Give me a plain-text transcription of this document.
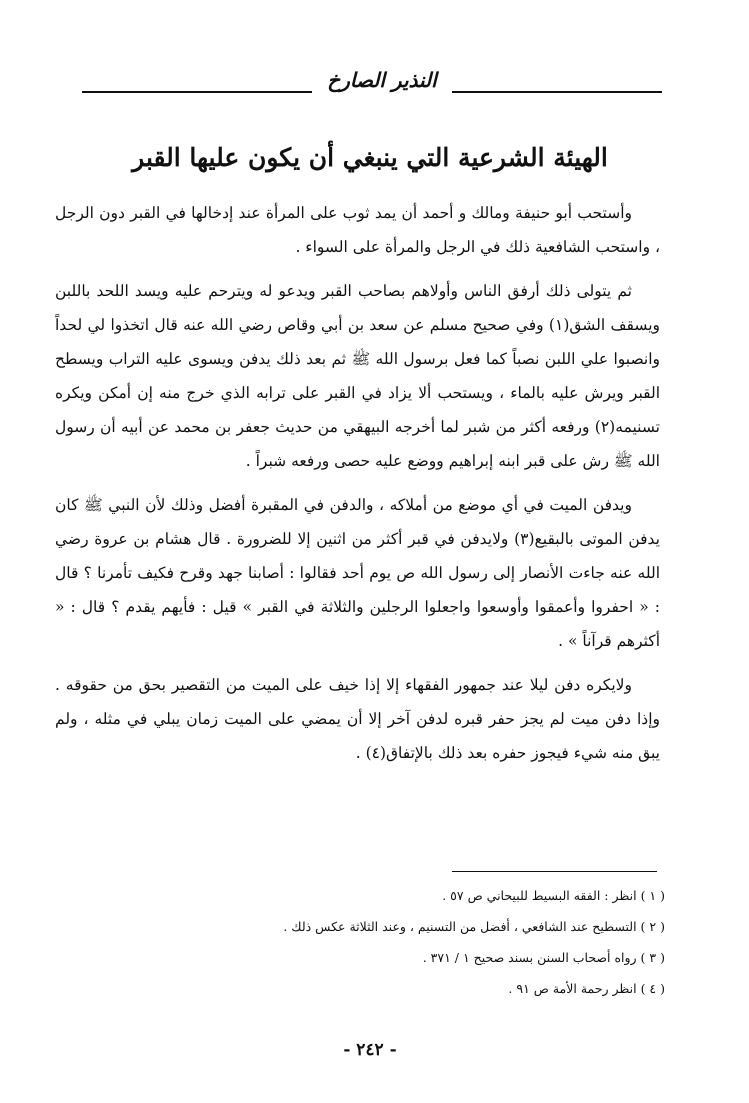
النذير الصارخ
الهيئة الشرعية التي ينبغي أن يكون عليها القبر

وأستحب أبو حنيفة ومالك و أحمد أن يمد ثوب على المرأة عند إدخالها في القبر دون الرجل ، واستحب الشافعية ذلك في الرجل والمرأة على السواء .

ثم يتولى ذلك أرفق الناس وأولاهم بصاحب القبر ويدعو له ويترحم عليه ويسد اللحد باللبن ويسقف الشق(١) وفي صحيح مسلم عن سعد بن أبي وقاص رضي الله عنه قال اتخذوا لي لحداً وانصبوا علي اللبن نصباً كما فعل برسول الله ﷺ ثم بعد ذلك يدفن ويسوى عليه التراب ويسطح القبر ويرش عليه بالماء ، ويستحب ألا يزاد في القبر على ترابه الذي خرج منه إن أمكن ويكره تسنيمه(٢) ورفعه أكثر من شبر لما أخرجه البيهقي من حديث جعفر بن محمد عن أبيه أن رسول الله ﷺ رش على قبر ابنه إبراهيم ووضع عليه حصى ورفعه شبراً .

ويدفن الميت في أي موضع من أملاكه ، والدفن في المقبرة أفضل وذلك لأن النبي ﷺ كان يدفن الموتى بالبقيع(٣) ولايدفن في قبر أكثر من اثنين إلا للضرورة . قال هشام بن عروة رضي الله عنه جاءت الأنصار إلى رسول الله ص يوم أحد فقالوا : أصابنا جهد وقرح فكيف تأمرنا ؟ قال : « احفروا وأعمقوا وأوسعوا واجعلوا الرجلين والثلاثة في القبر » قيل : فأيهم يقدم ؟ قال : « أكثرهم قرآناً » .

ولايكره دفن ليلا عند جمهور الفقهاء إلا إذا خيف على الميت من التقصير بحق من حقوقه . وإذا دفن ميت لم يجز حفر قبره لدفن آخر إلا أن يمضي على الميت زمان يبلي في مثله ، ولم يبق منه شيء فيجوز حفره بعد ذلك بالإتفاق(٤) .

( ١ ) انظر : الفقه البسيط للبيحاني ص ٥٧ .

( ٢ ) التسطيح عند الشافعي ، أفضل من التسنيم ، وعند الثلاثة عكس ذلك .

( ٣ ) رواه أصحاب السنن بسند صحيح ١ / ٣٧١ .

( ٤ ) انظر رحمة الأمة ص ٩١ .

- ٢٤٢ -
